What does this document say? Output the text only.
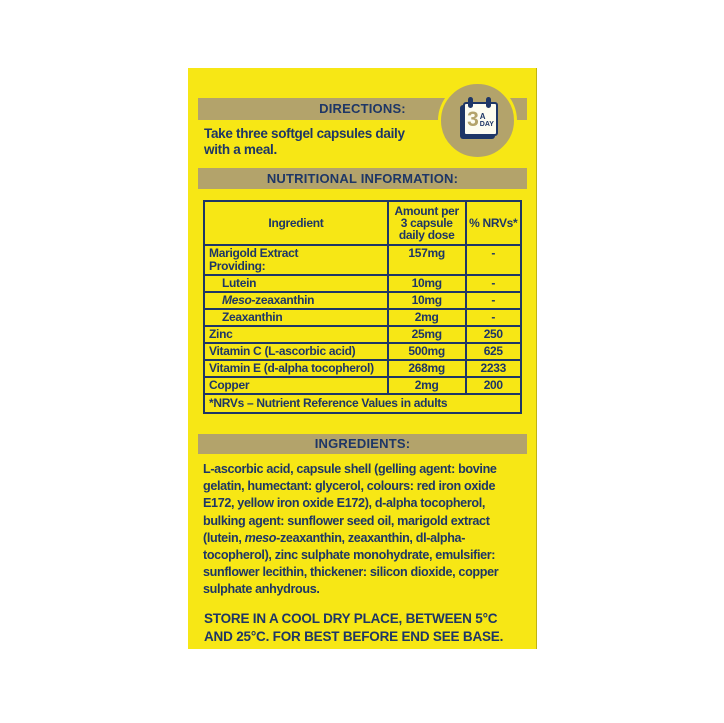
DIRECTIONS:	3 A
DAY
Take three softgel capsules daily
with a meal.
NUTRITIONAL INFORMATION:
Ingredient	Amount per 3 capsule daily dose	% NRVs*

Marigold Extract
Providing:	157mg	-
Lutein	10mg	-
Meso-zeaxanthin	10mg	-
Zeaxanthin	2mg	-
Zinc	25mg	250
Vitamin C (L-ascorbic acid)	500mg	625
Vitamin E (d-alpha tocopherol)	268mg	2233
Copper	2mg	200
*NRVs – Nutrient Reference Values in adults		
INGREDIENTS:

L-ascorbic acid, capsule shell (gelling agent: bovine gelatin, humectant: glycerol, colours: red iron oxide E172, yellow iron oxide E172), d-alpha tocopherol, bulking agent: sunflower seed oil, marigold extract (lutein, meso-zeaxanthin, zeaxanthin, dl-alpha-tocopherol), zinc sulphate monohydrate, emulsifier: sunflower lecithin, thickener: silicon dioxide, copper sulphate anhydrous.

STORE IN A COOL DRY PLACE, BETWEEN 5°C
AND 25°C. FOR BEST BEFORE END SEE BASE.
